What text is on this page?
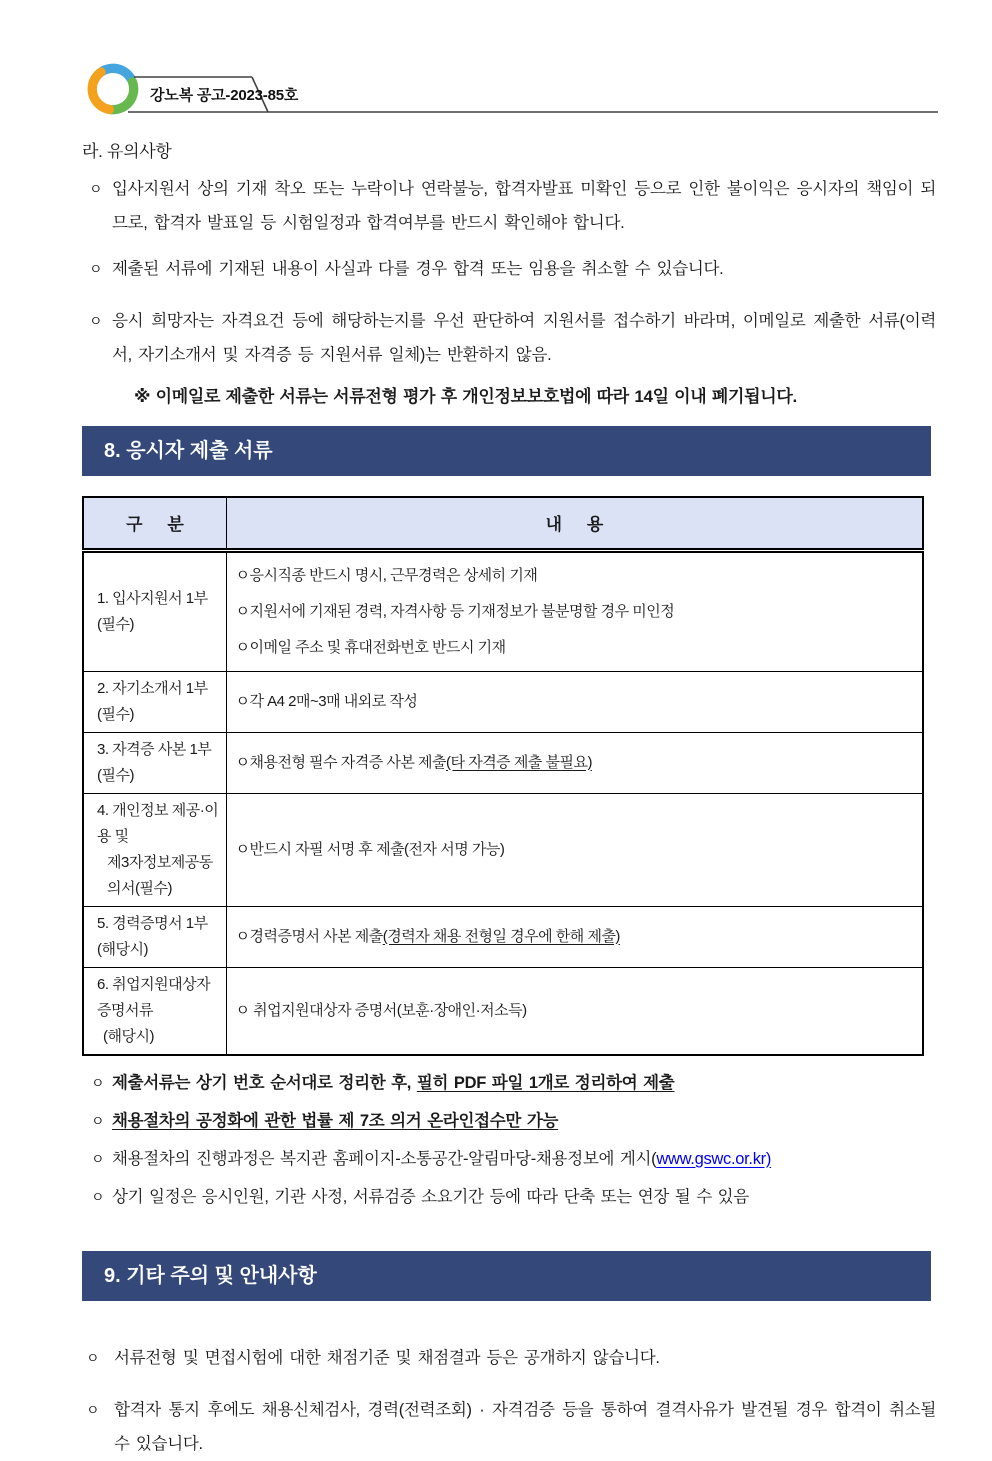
강노복 공고-2023-85호
라. 유의사항
ㅇ 입사지원서 상의 기재 착오 또는 누락이나 연락불능, 합격자발표 미확인 등으로 인한 불이익은 응시자의 책임이 되므로, 합격자 발표일 등 시험일정과 합격여부를 반드시 확인해야 합니다.
ㅇ 제출된 서류에 기재된 내용이 사실과 다를 경우 합격 또는 임용을 취소할 수 있습니다.
ㅇ 응시 희망자는 자격요건 등에 해당하는지를 우선 판단하여 지원서를 접수하기 바라며, 이메일로 제출한 서류(이력서, 자기소개서 및 자격증 등 지원서류 일체)는 반환하지 않음.
※ 이메일로 제출한 서류는 서류전형 평가 후 개인정보보호법에 따라 14일 이내 폐기됩니다.
8. 응시자 제출 서류
구      분	내      용
1. 입사지원서 1부(필수)	ㅇ응시직종 반드시 명시, 근무경력은 상세히 기재
ㅇ지원서에 기재된 경력, 자격사항 등 기재정보가 불분명할 경우 미인정
ㅇ이메일 주소 및 휴대전화번호 반드시 기재

2. 자기소개서 1부 (필수)	ㅇ각 A4 2매~3매 내외로 작성
3. 자격증 사본 1부 (필수)	ㅇ채용전형 필수 자격증 사본 제출(타 자격증 제출 불필요)
4. 개인정보 제공·이용 및
제3자정보제공동의서(필수)	ㅇ반드시 자필 서명 후 제출(전자 서명 가능)
5. 경력증명서 1부(해당시)	ㅇ경력증명서 사본 제출(경력자 채용 전형일 경우에 한해 제출)
6. 취업지원대상자 증명서류
(해당시)	ㅇ 취업지원대상자 증명서(보훈·장애인·저소득)
ㅇ 제출서류는 상기 번호 순서대로 정리한 후, 필히 PDF 파일 1개로 정리하여 제출
ㅇ 채용절차의 공정화에 관한 법률 제 7조 의거 온라인접수만 가능
ㅇ 채용절차의 진행과정은 복지관 홈페이지-소통공간-알림마당-채용정보에 게시(www.gswc.or.kr)
ㅇ 상기 일정은 응시인원, 기관 사정, 서류검증 소요기간 등에 따라 단축 또는 연장 될 수 있음
9. 기타 주의 및 안내사항
ㅇ 서류전형 및 면접시험에 대한 채점기준 및 채점결과 등은 공개하지 않습니다.
ㅇ 합격자 통지 후에도 채용신체검사, 경력(전력조회) · 자격검증 등을 통하여 결격사유가 발견될 경우 합격이 취소될 수 있습니다.
